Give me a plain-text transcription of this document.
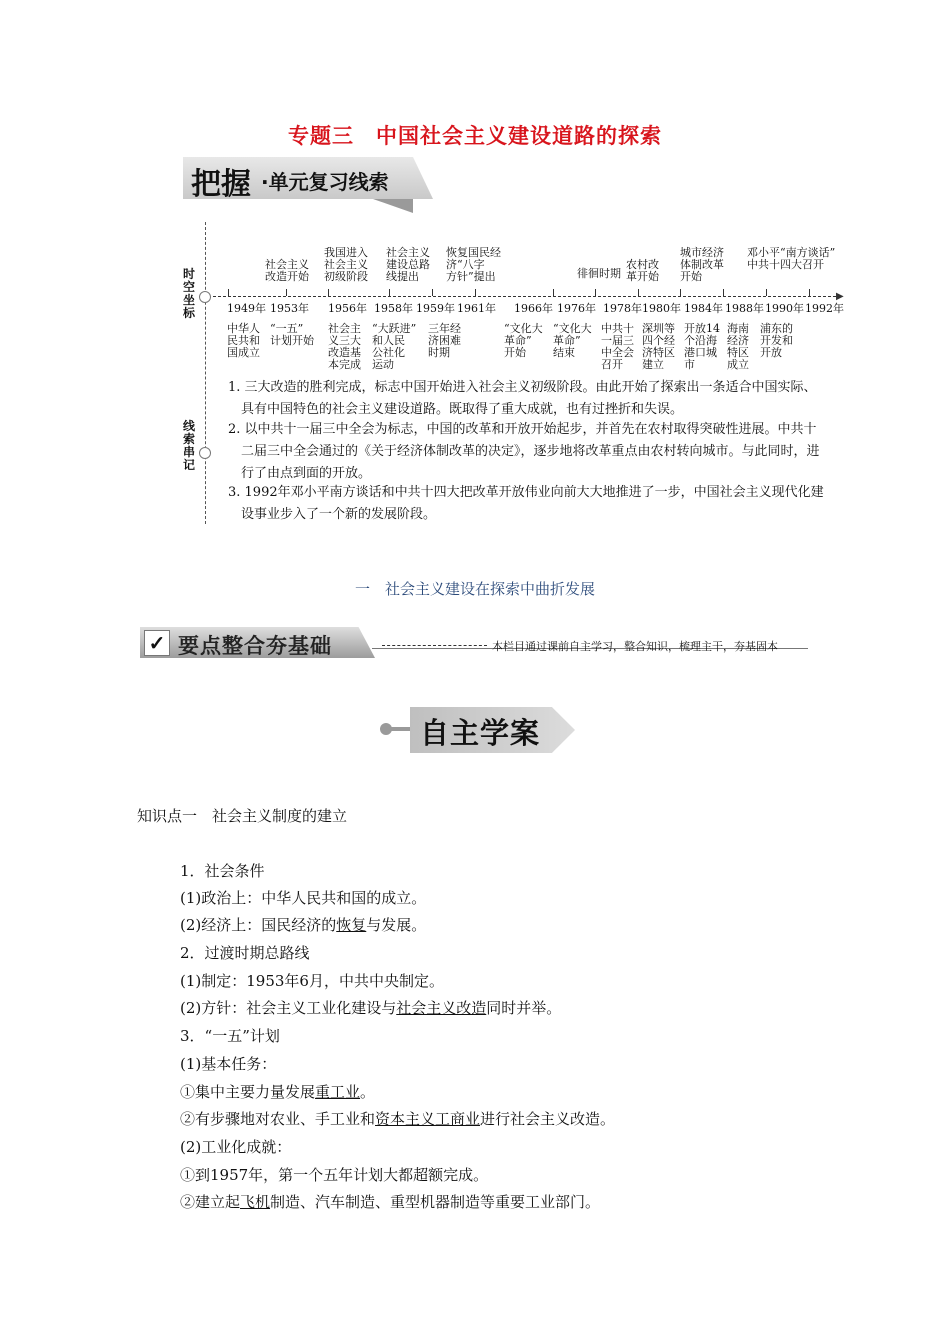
专题三　中国社会主义建设道路的探索
把握 ·单元复习线索
时空坐标
线索串记
▶
1949年 1953年 1956年 1958年 1959年 1961年 1966年 1976年 1978年 1980年 1984年 1988年 1990年 1992年
社会主义
改造开始
我国进入
社会主义
初级阶段
社会主义
建设总路
线提出
恢复国民经
济“八字
方针”提出	徘徊时期
农村改
革开始
城市经济
体制改革
开始
邓小平“南方谈话”
中共十四大召开
中华人
民共和
国成立
“一五”
计划开始
社会主
义三大
改造基
本完成
“大跃进”
和人民
公社化
运动
三年经
济困难
时期
“文化大
革命”
开始
“文化大
革命”
结束
中共十
一届三
中全会
召开
深圳等
四个经
济特区
建立
开放14
个沿海
港口城
市
海南
经济
特区
成立
浦东的
开发和
开放
1. 三大改造的胜利完成，标志中国开始进入社会主义初级阶段。由此开始了探索出一条适合中国实际、
具有中国特色的社会主义建设道路。既取得了重大成就，也有过挫折和失误。
2. 以中共十一届三中全会为标志，中国的改革和开放开始起步，并首先在农村取得突破性进展。中共十
二届三中全会通过的《关于经济体制改革的决定》，逐步地将改革重点由农村转向城市。与此同时，进
行了由点到面的开放。
3. 1992年邓小平南方谈话和中共十四大把改革开放伟业向前大大地推进了一步，中国社会主义现代化建
设事业步入了一个新的发展阶段。
一　社会主义建设在探索中曲折发展
✓ 要点整合夯基础	本栏目通过课前自主学习，整合知识，梳理主干，夯基固本
自主学案
知识点一　社会主义制度的建立
1．社会条件
(1)政治上：中华人民共和国的成立。
(2)经济上：国民经济的恢复与发展。
2．过渡时期总路线
(1)制定：1953年6月，中共中央制定。
(2)方针：社会主义工业化建设与社会主义改造同时并举。
3．“一五”计划
(1)基本任务：
①集中主要力量发展重工业。
②有步骤地对农业、手工业和资本主义工商业进行社会主义改造。
(2)工业化成就：
①到1957年，第一个五年计划大都超额完成。
②建立起飞机制造、汽车制造、重型机器制造等重要工业部门。
